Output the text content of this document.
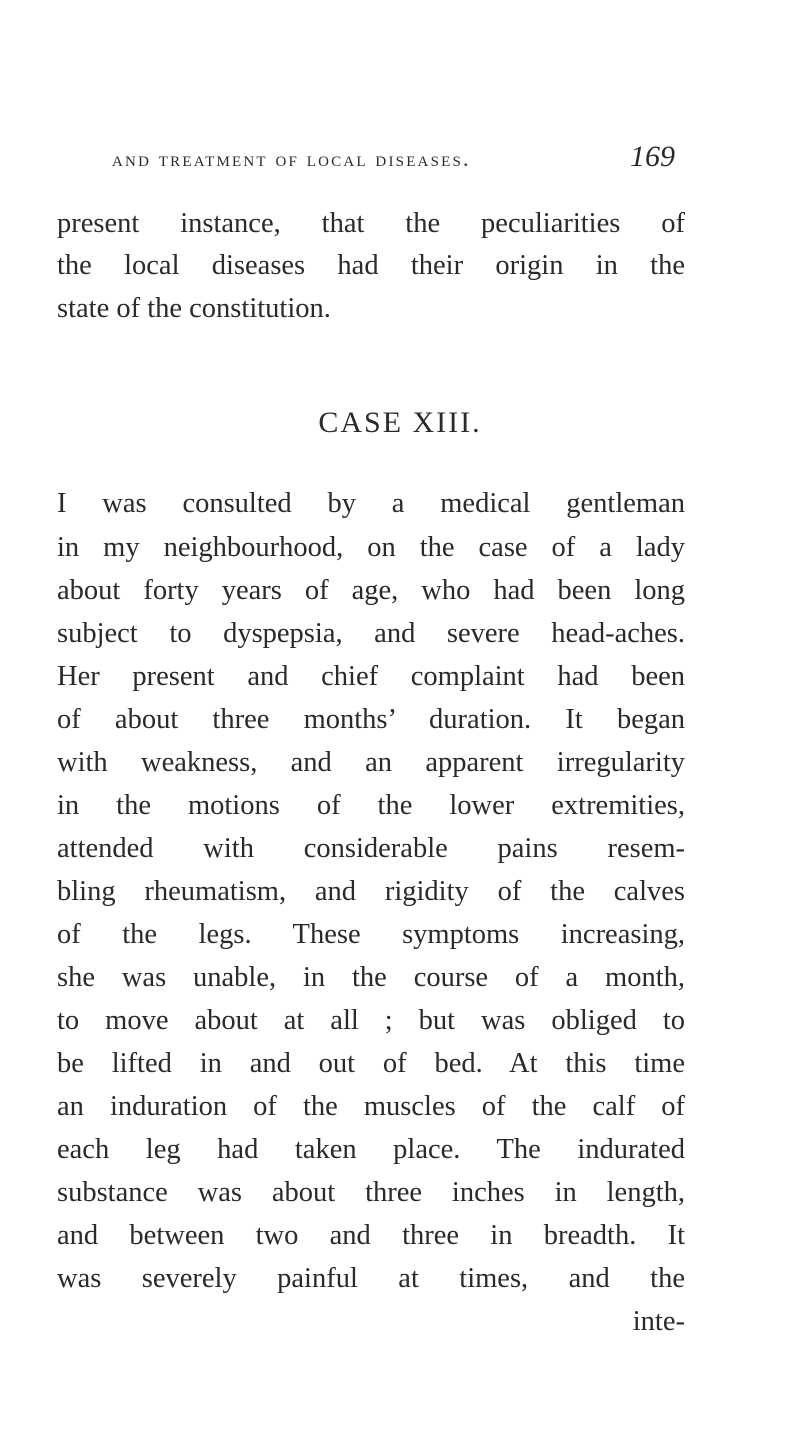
and treatment of local diseases.	169
present instance, that the peculiarities of
the local diseases had their origin in the
state of the constitution.
CASE XIII.
I was consulted by a medical gentleman
in my neighbourhood, on the case of a lady
about forty years of age, who had been long
subject to dyspepsia, and severe head-aches.
Her present and chief complaint had been
of about three months’ duration. It began
with weakness, and an apparent irregularity
in the motions of the lower extremities,
attended with considerable pains resem-
bling rheumatism, and rigidity of the calves
of the legs. These symptoms increasing,
she was unable, in the course of a month,
to move about at all ; but was obliged to
be lifted in and out of bed. At this time
an induration of the muscles of the calf of
each leg had taken place. The indurated
substance was about three inches in length,
and between two and three in breadth. It
was severely painful at times, and the
inte-
